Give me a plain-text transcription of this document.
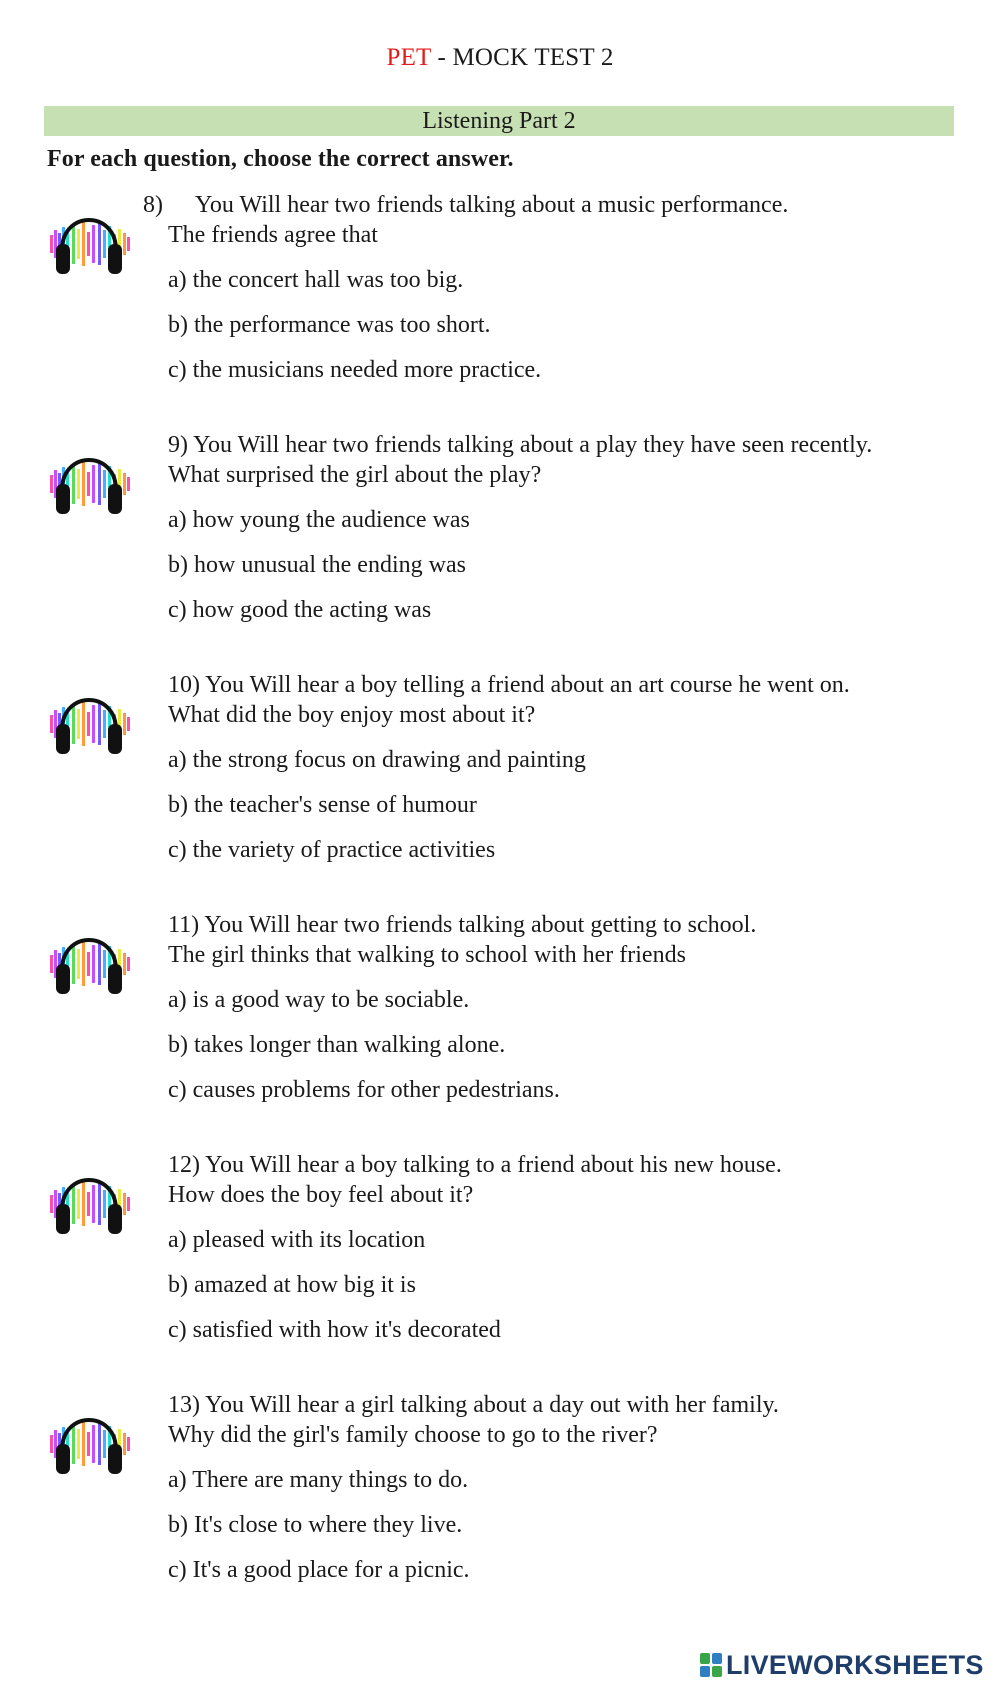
PET - MOCK TEST 2
Listening Part 2
For each question, choose the correct answer.
8) You Will hear two friends talking about a music performance.
The friends agree that
a) the concert hall was too big.
b) the performance was too short.
c) the musicians needed more practice.
9) You Will hear two friends talking about a play they have seen recently.
What surprised the girl about the play?
a) how young the audience was
b) how unusual the ending was
c) how good the acting was
10) You Will hear a boy telling a friend about an art course he went on.
What did the boy enjoy most about it?
a) the strong focus on drawing and painting
b) the teacher's sense of humour
c) the variety of practice activities
11) You Will hear two friends talking about getting to school.
The girl thinks that walking to school with her friends
a) is a good way to be sociable.
b) takes longer than walking alone.
c) causes problems for other pedestrians.
12) You Will hear a boy talking to a friend about his new house.
How does the boy feel about it?
a) pleased with its location
b) amazed at how big it is
c) satisfied with how it's decorated
13) You Will hear a girl talking about a day out with her family.
Why did the girl's family choose to go to the river?
a) There are many things to do.
b) It's close to where they live.
c) It's a good place for a picnic.
LIVEWORKSHEETS
